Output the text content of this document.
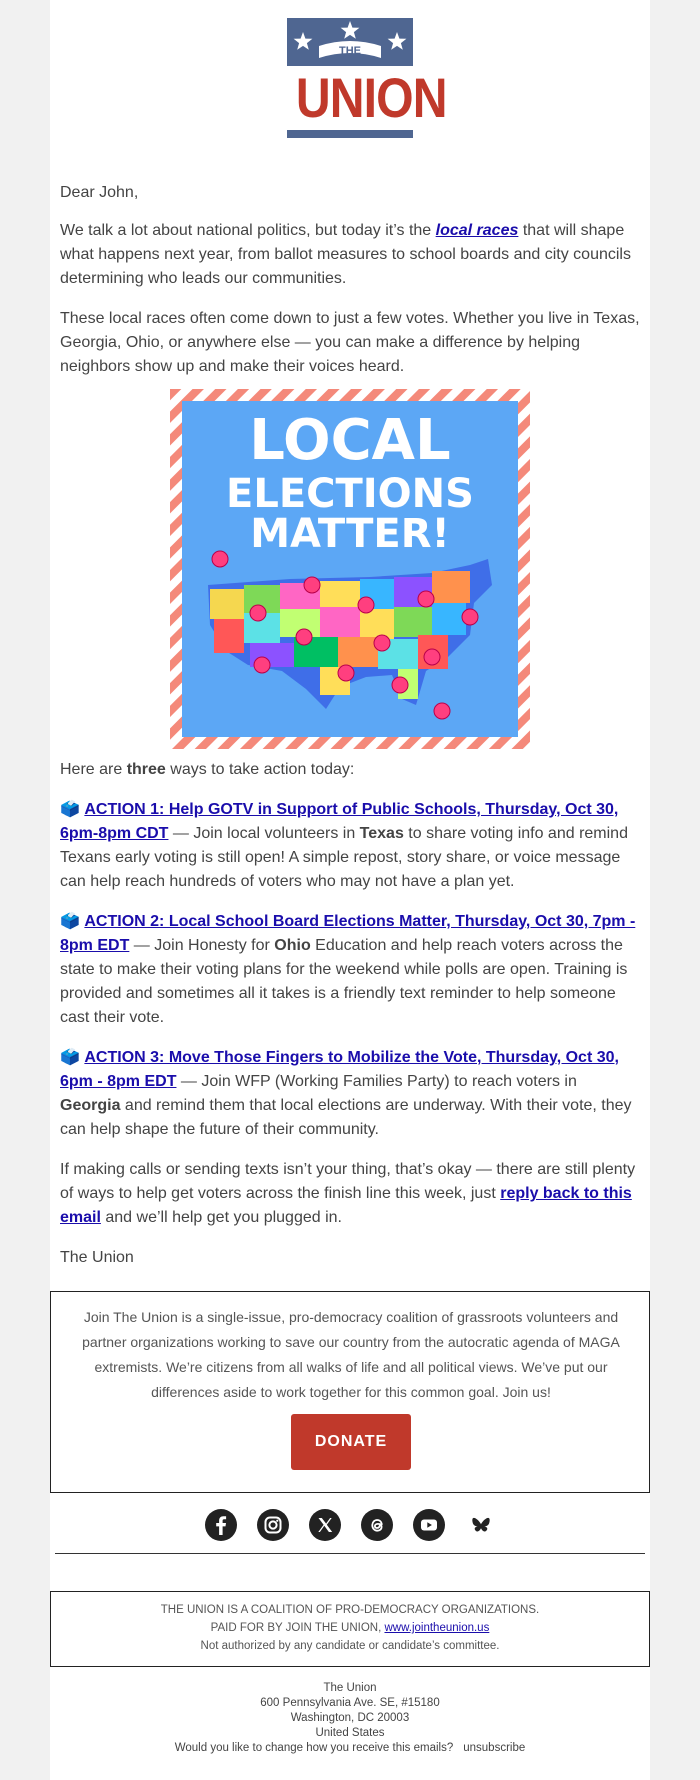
THE
UNION

Dear John,

We talk a lot about national politics, but today it’s the local races that will shape what happens next year, from ballot measures to school boards and city councils determining who leads our communities.

These local races often come down to just a few votes. Whether you live in Texas, Georgia, Ohio, or anywhere else — you can make a difference by helping neighbors show up and make their voices heard.

LOCAL
ELECTIONS
MATTER!

Here are three ways to take action today:

🗳️ ACTION 1: Help GOTV in Support of Public Schools, Thursday, Oct 30, 6pm-8pm CDT — Join local volunteers in Texas to share voting info and remind Texans early voting is still open! A simple repost, story share, or voice message can help reach hundreds of voters who may not have a plan yet.

🗳️ ACTION 2: Local School Board Elections Matter, Thursday, Oct 30, 7pm - 8pm EDT — Join Honesty for Ohio Education and help reach voters across the state to make their voting plans for the weekend while polls are open. Training is provided and sometimes all it takes is a friendly text reminder to help someone cast their vote.

🗳️ ACTION 3: Move Those Fingers to Mobilize the Vote, Thursday, Oct 30, 6pm - 8pm EDT — Join WFP (Working Families Party) to reach voters in Georgia and remind them that local elections are underway. With their vote, they can help shape the future of their community.

If making calls or sending texts isn’t your thing, that’s okay — there are still plenty of ways to help get voters across the finish line this week, just reply back to this email and we’ll help get you plugged in.

The Union

Join The Union is a single-issue, pro-democracy coalition of grassroots volunteers and partner organizations working to save our country from the autocratic agenda of MAGA extremists. We’re citizens from all walks of life and all political views. We’ve put our differences aside to work together for this common goal. Join us!
DONATE
THE UNION IS A COALITION OF PRO-DEMOCRACY ORGANIZATIONS.
PAID FOR BY JOIN THE UNION, www.jointheunion.us
Not authorized by any candidate or candidate’s committee.
The Union
600 Pennsylvania Ave. SE, #15180
Washington, DC 20003
United States
Would you like to change how you receive this emails? unsubscribe
